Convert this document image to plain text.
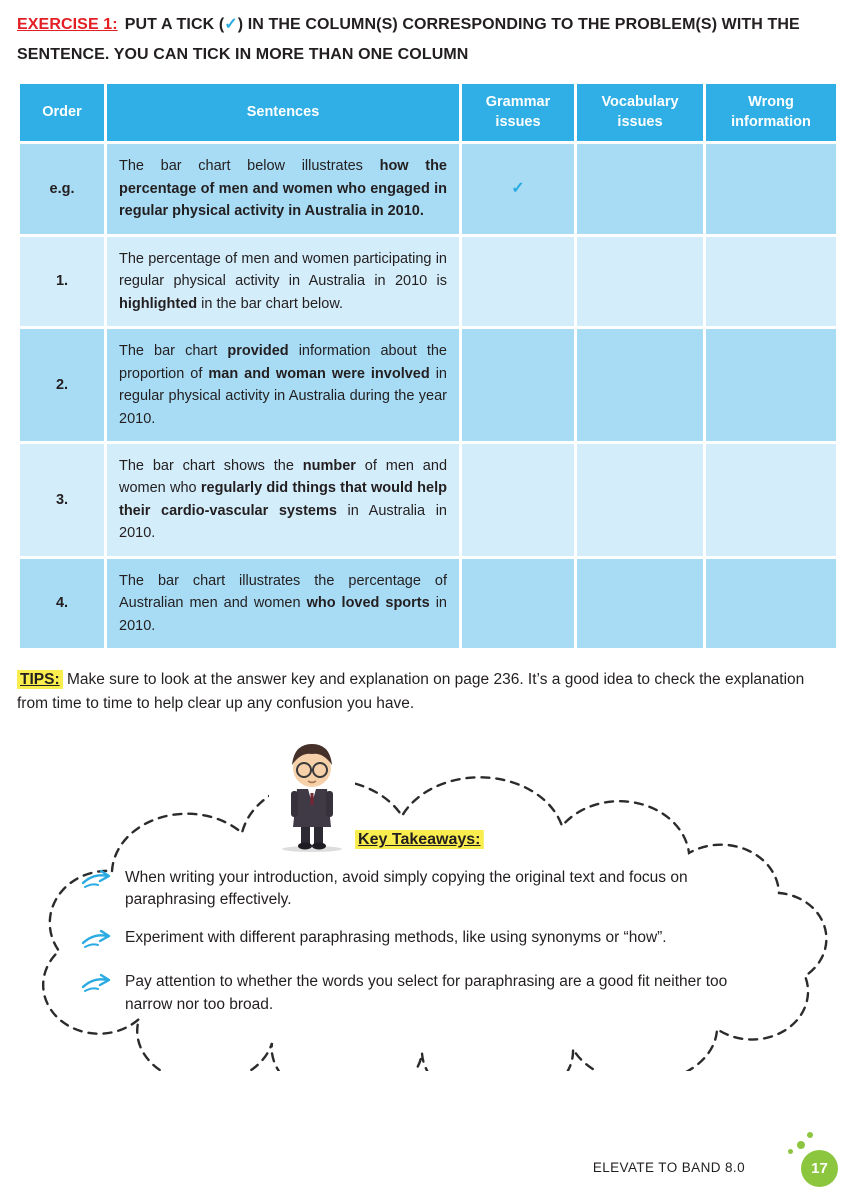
EXERCISE 1: PUT A TICK (✓) IN THE COLUMN(S) CORRESPONDING TO THE PROBLEM(S) WITH THE SENTENCE. YOU CAN TICK IN MORE THAN ONE COLUMN
Order	Sentences	Grammar issues	Vocabulary issues	Wrong information
e.g.	The bar chart below illustrates how the percentage of men and women who engaged in regular physical activity in Australia in 2010.	✓		
1.	The percentage of men and women participating in regular physical activity in Australia in 2010 is highlighted in the bar chart below.			
2.	The bar chart provided information about the proportion of man and woman were involved in regular physical activity in Australia during the year 2010.			
3.	The bar chart shows the number of men and women who regularly did things that would help their cardio-vascular systems in Australia in 2010.			
4.	The bar chart illustrates the percentage of Australian men and women who loved sports in 2010.			
TIPS: Make sure to look at the answer key and explanation on page 236. It’s a good idea to check the explanation from time to time to help clear up any confusion you have.
Key Takeaways:
When writing your introduction, avoid simply copying the original text and focus on paraphrasing effectively.
Experiment with different paraphrasing methods, like using synonyms or “how”.
Pay attention to whether the words you select for paraphrasing are a good fit neither too narrow nor too broad.
ELEVATE TO BAND 8.0	17
